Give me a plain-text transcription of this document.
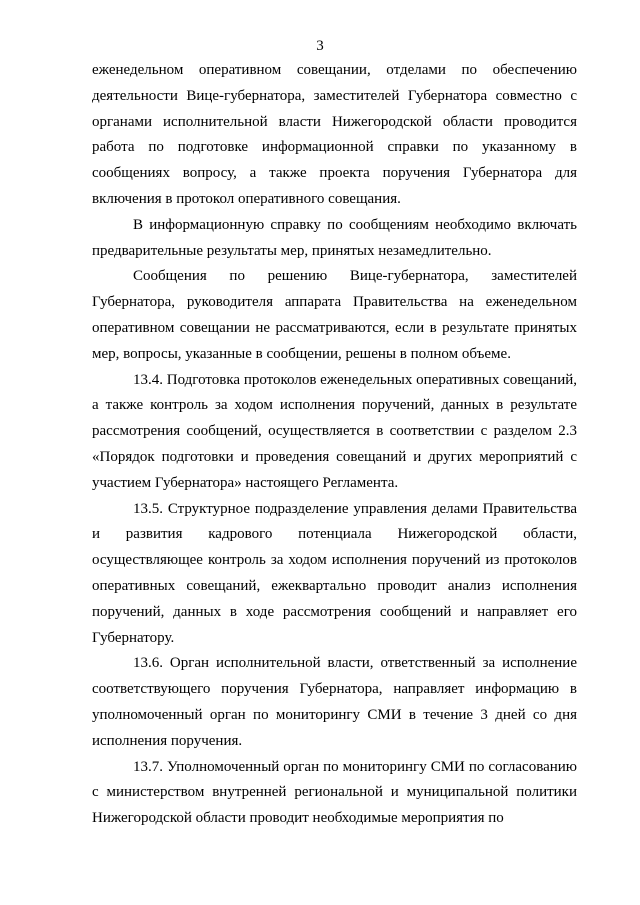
3

еженедельном оперативном совещании, отделами по обеспечению деятельности Вице-губернатора, заместителей Губернатора совместно с органами исполнительной власти Нижегородской области проводится работа по подготовке информационной справки по указанному в сообщениях вопросу, а также проекта поручения Губернатора для включения в протокол оперативного совещания.

В информационную справку по сообщениям необходимо включать предварительные результаты мер, принятых незамедлительно.

Сообщения по решению Вице-губернатора, заместителей Губернатора, руководителя аппарата Правительства на еженедельном оперативном совещании не рассматриваются, если в результате принятых мер, вопросы, указанные в сообщении, решены в полном объеме.

13.4. Подготовка протоколов еженедельных оперативных совещаний, а также контроль за ходом исполнения поручений, данных в результате рассмотрения сообщений, осуществляется в соответствии с разделом 2.3 «Порядок подготовки и проведения совещаний и других мероприятий с участием Губернатора» настоящего Регламента.

13.5. Структурное подразделение управления делами Правительства и развития кадрового потенциала Нижегородской области, осуществляющее контроль за ходом исполнения поручений из протоколов оперативных совещаний, ежеквартально проводит анализ исполнения поручений, данных в ходе рассмотрения сообщений и направляет его Губернатору.

13.6. Орган исполнительной власти, ответственный за исполнение соответствующего поручения Губернатора, направляет информацию в уполномоченный орган по мониторингу СМИ в течение 3 дней со дня исполнения поручения.

13.7. Уполномоченный орган по мониторингу СМИ по согласованию с министерством внутренней региональной и муниципальной политики Нижегородской области проводит необходимые мероприятия по
